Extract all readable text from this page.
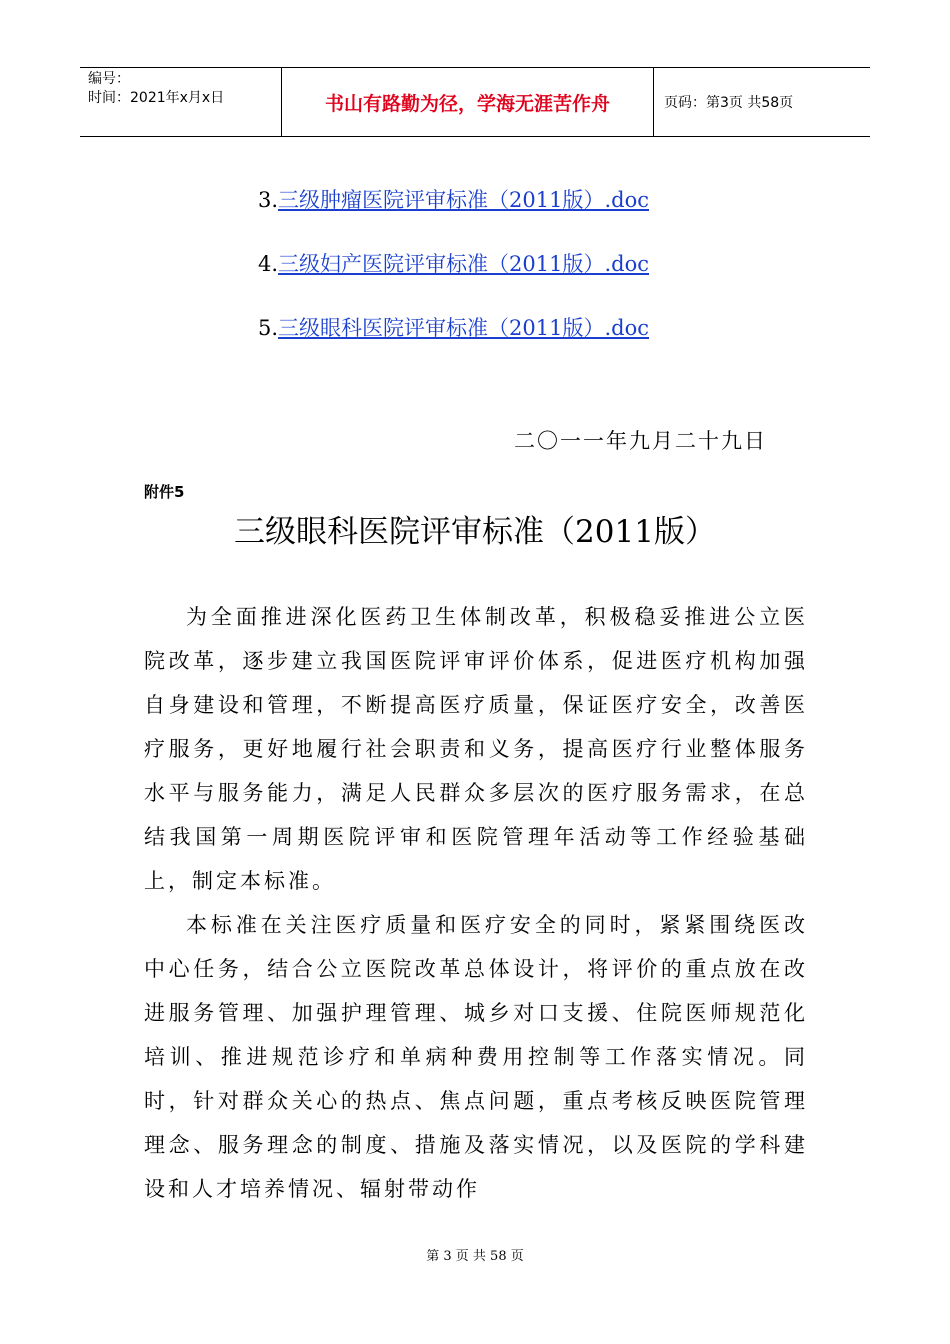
编号：
时间：2021年x月x日	书山有路勤为径，学海无涯苦作舟	页码：第3页 共58页
3.三级肿瘤医院评审标准（2011版）.doc
4.三级妇产医院评审标准（2011版）.doc
5.三级眼科医院评审标准（2011版）.doc
二〇一一年九月二十九日
附件5
三级眼科医院评审标准（2011版）

为全面推进深化医药卫生体制改革，积极稳妥推进公立医院改革，逐步建立我国医院评审评价体系，促进医疗机构加强自身建设和管理，不断提高医疗质量，保证医疗安全，改善医疗服务，更好地履行社会职责和义务，提高医疗行业整体服务水平与服务能力，满足人民群众多层次的医疗服务需求，在总结我国第一周期医院评审和医院管理年活动等工作经验基础上，制定本标准。

本标准在关注医疗质量和医疗安全的同时，紧紧围绕医改中心任务，结合公立医院改革总体设计，将评价的重点放在改进服务管理、加强护理管理、城乡对口支援、住院医师规范化培训、推进规范诊疗和单病种费用控制等工作落实情况。同时，针对群众关心的热点、焦点问题，重点考核反映医院管理理念、服务理念的制度、措施及落实情况，以及医院的学科建设和人才培养情况、辐射带动作

第 3 页 共 58 页
